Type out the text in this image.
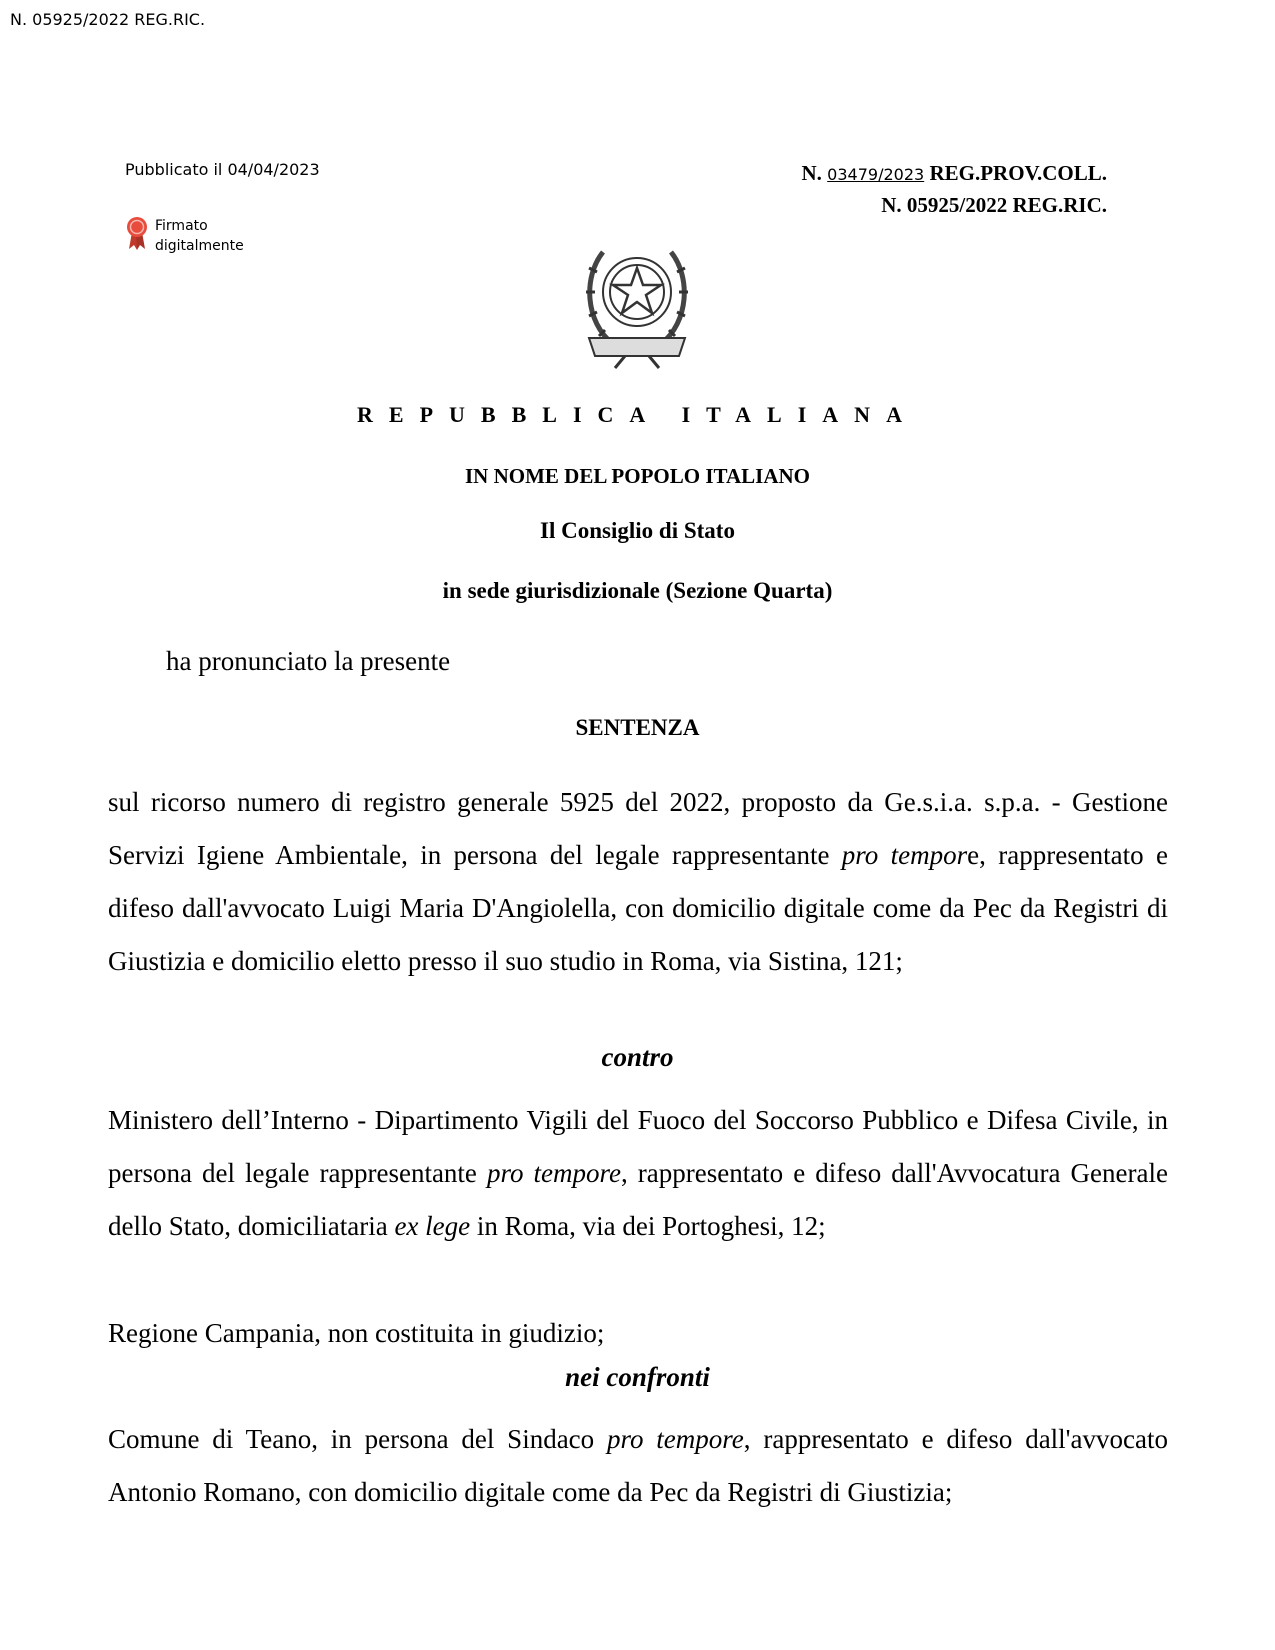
N. 05925/2022 REG.RIC.
Pubblicato il 04/04/2023
Firmato
digitalmente
N. 03479/2023 REG.PROV.COLL.
N. 05925/2022 REG.RIC.
REPUBBLICA ITALIANA
IN NOME DEL POPOLO ITALIANO
Il Consiglio di Stato
in sede giurisdizionale (Sezione Quarta)
ha pronunciato la presente
SENTENZA
sul ricorso numero di registro generale 5925 del 2022, proposto da Ge.s.i.a. s.p.a. - Gestione Servizi Igiene Ambientale, in persona del legale rappresentante pro tempore, rappresentato e difeso dall'avvocato Luigi Maria D'Angiolella, con domicilio digitale come da Pec da Registri di Giustizia e domicilio eletto presso il suo studio in Roma, via Sistina, 121;
contro
Ministero dell’Interno - Dipartimento Vigili del Fuoco del Soccorso Pubblico e Difesa Civile, in persona del legale rappresentante pro tempore, rappresentato e difeso dall'Avvocatura Generale dello Stato, domiciliataria ex lege in Roma, via dei Portoghesi, 12;
Regione Campania, non costituita in giudizio;
nei confronti
Comune di Teano, in persona del Sindaco pro tempore, rappresentato e difeso dall'avvocato Antonio Romano, con domicilio digitale come da Pec da Registri di Giustizia;
